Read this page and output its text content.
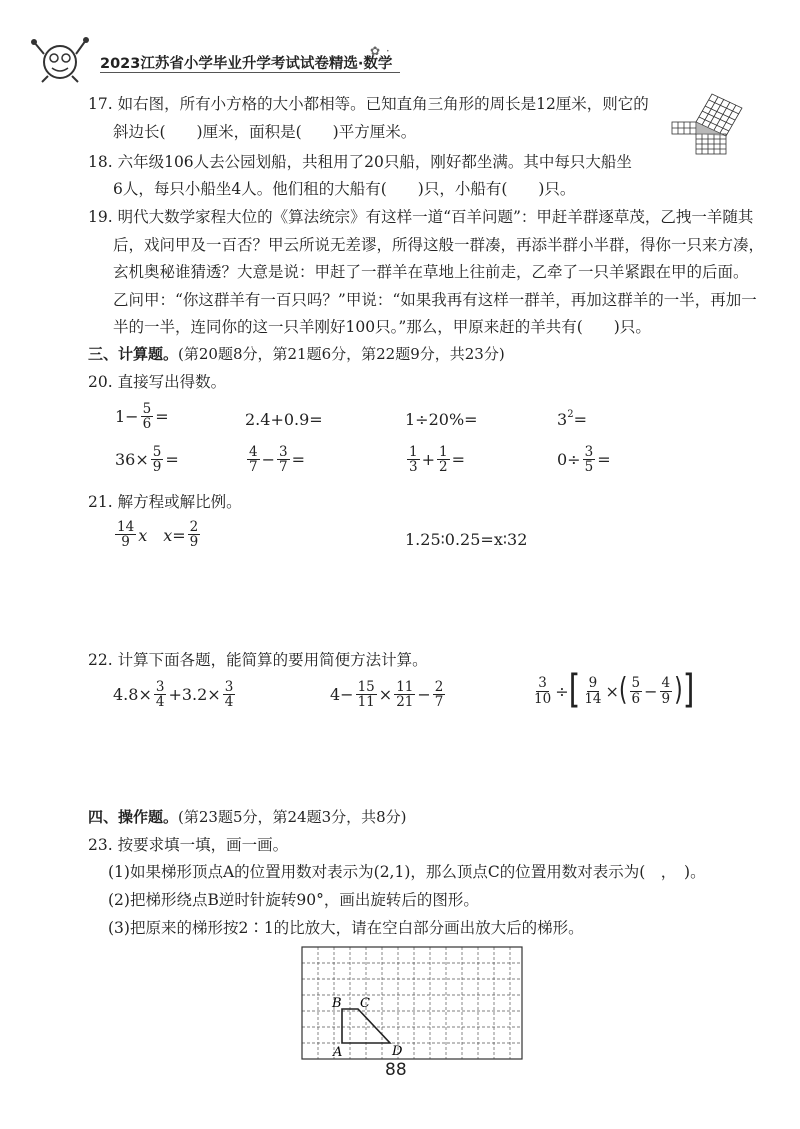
2023江苏省小学毕业升学考试试卷精选·数学
✿ ·
17. 如右图，所有小方格的大小都相等。已知直角三角形的周长是12厘米，则它的
斜边长(　　)厘米，面积是(　　)平方厘米。
18. 六年级106人去公园划船，共租用了20只船，刚好都坐满。其中每只大船坐
6人，每只小船坐4人。他们租的大船有(　　)只，小船有(　　)只。
19. 明代大数学家程大位的《算法统宗》有这样一道“百羊问题”：甲赶羊群逐草茂，乙拽一羊随其
后，戏问甲及一百否？甲云所说无差谬，所得这般一群凑，再添半群小半群，得你一只来方凑，
玄机奥秘谁猜透？大意是说：甲赶了一群羊在草地上往前走，乙牵了一只羊紧跟在甲的后面。
乙问甲：“你这群羊有一百只吗？”甲说：“如果我再有这样一群羊，再加这群羊的一半，再加一
半的一半，连同你的这一只羊刚好100只。”那么，甲原来赶的羊共有(　　)只。
三、计算题。(第20题8分，第21题6分，第22题9分，共23分)
20. 直接写出得数。
$1- \frac{5}{6}$ =	2.4+0.9=	1÷20%=	$3^2$ =
$36\times \frac{5}{9}$ =	$\frac{4}{7} - \frac{3}{7}$ =	$\frac{1}{3} + \frac{1}{2}$ =	$0\div \frac{3}{5}$ =
21. 解方程或解比例。
$\frac{14}{9}$ x　$x= \frac{2}{9}$	1.25∶0.25=x∶32
22. 计算下面各题，能简算的要用简便方法计算。
$4.8\times \frac{3}{4} +3.2\times \frac{3}{4}$	$4- \frac{15}{11} \times \frac{11}{21} - \frac{2}{7}$	$\frac{3}{10}$ ÷ [ $\frac{9}{14}$ × ( $\frac{5}{6} - \frac{4}{9}$ ) ]
四、操作题。(第23题5分，第24题3分，共8分)
23. 按要求填一填，画一画。
(1)如果梯形顶点A的位置用数对表示为(2,1)，那么顶点C的位置用数对表示为(　，　)。
(2)把梯形绕点B逆时针旋转90°，画出旋转后的图形。
(3)把原来的梯形按2∶1的比放大，请在空白部分画出放大后的梯形。
B C
A	D
88
